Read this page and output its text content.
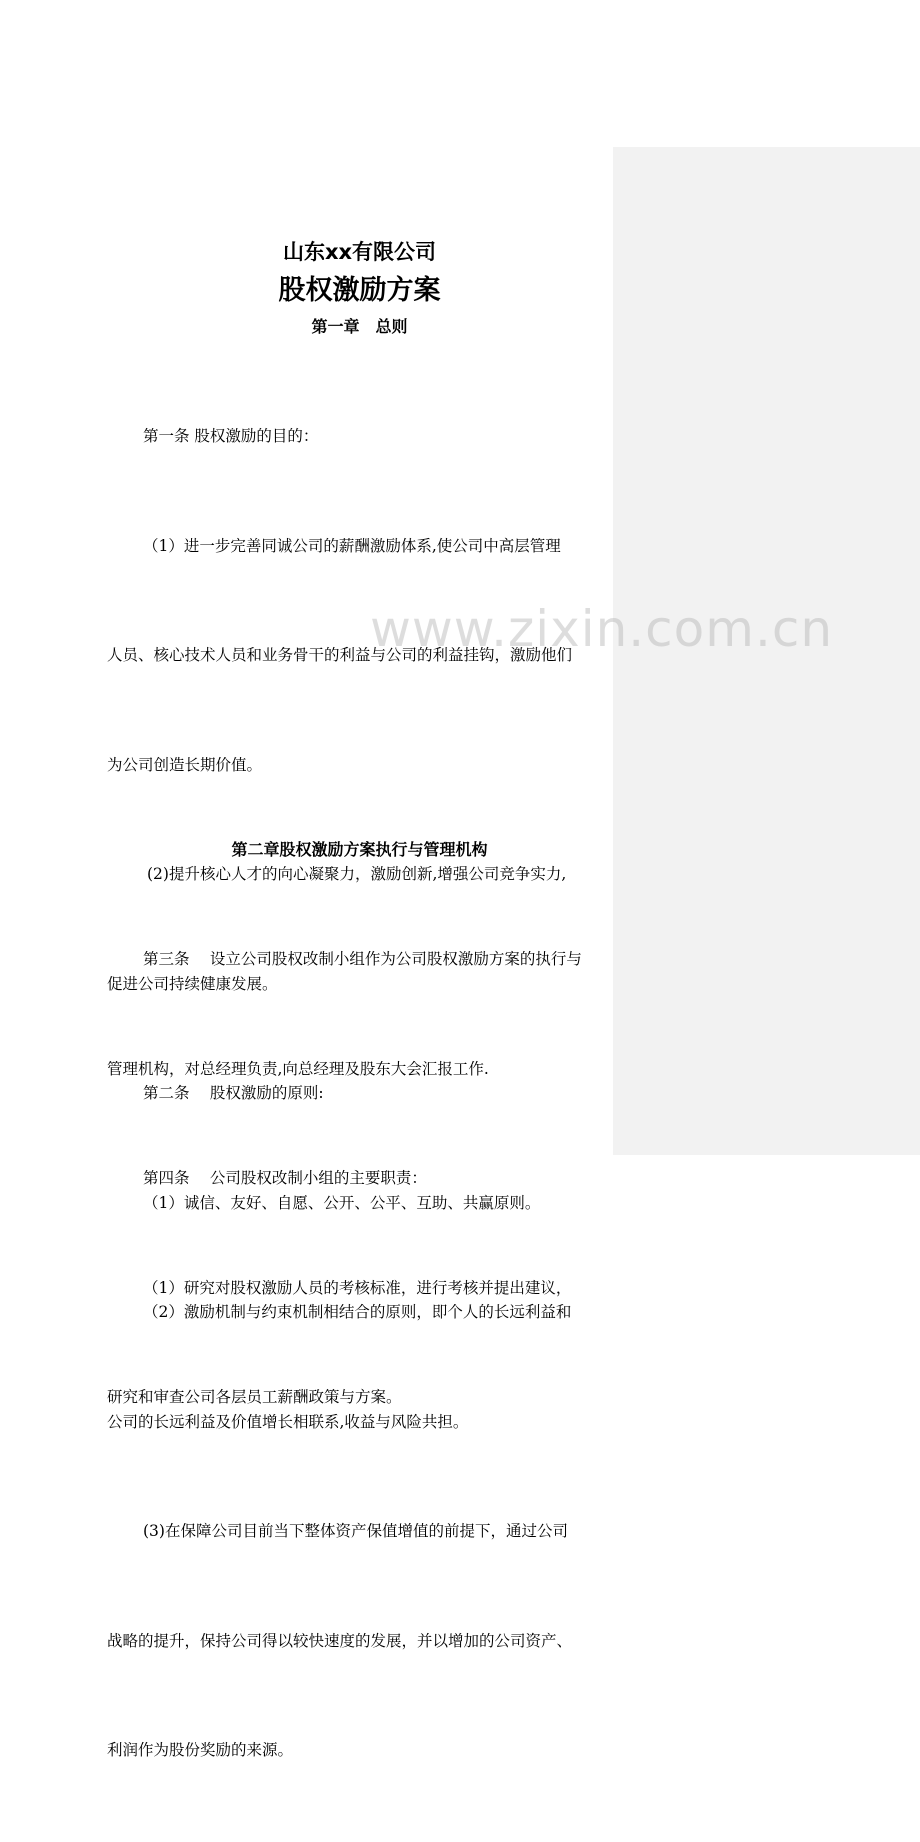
www.zixin.com.cn
山东xx有限公司
股权激励方案
第一章　总则

第一条 股权激励的目的：

（1）进一步完善同诚公司的薪酬激励体系,使公司中高层管理

人员、核心技术人员和业务骨干的利益与公司的利益挂钩，激励他们

为公司创造长期价值。

(2)提升核心人才的向心凝聚力，激励创新,增强公司竞争实力,

促进公司持续健康发展。

第二条　 股权激励的原则:

（1）诚信、友好、自愿、公开、公平、互助、共赢原则。

（2）激励机制与约束机制相结合的原则，即个人的长远利益和

公司的长远利益及价值增长相联系,收益与风险共担。

(3)在保障公司目前当下整体资产保值增值的前提下，通过公司

战略的提升，保持公司得以较快速度的发展，并以增加的公司资产、

利润作为股份奖励的来源。

第二章股权激励方案执行与管理机构

第三条　 设立公司股权改制小组作为公司股权激励方案的执行与

管理机构，对总经理负责,向总经理及股东大会汇报工作.

第四条　 公司股权改制小组的主要职责：

（1）研究对股权激励人员的考核标准，进行考核并提出建议，

研究和审查公司各层员工薪酬政策与方案。
